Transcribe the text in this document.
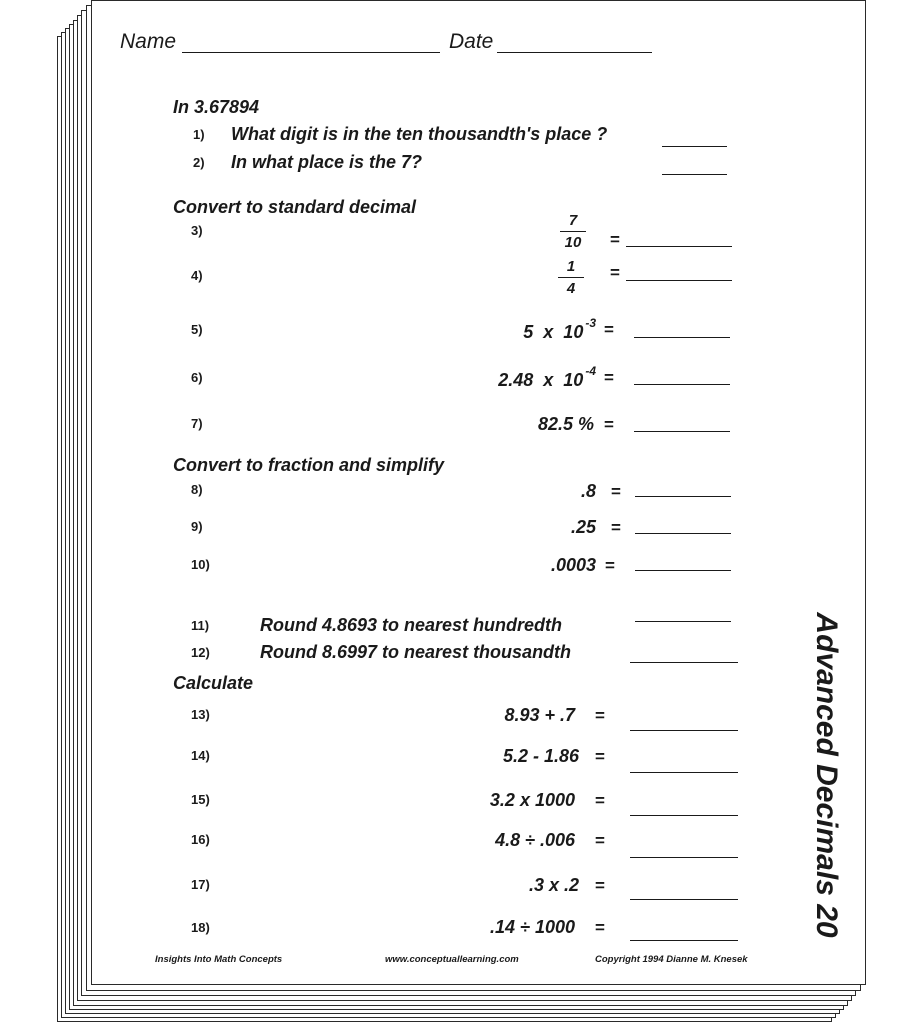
Name	Date
In 3.67894
1) What digit is in the ten thousandth's place ?
2) In what place is the 7?
Convert to standard decimal
3)	$\frac{7}{10}$ =
4)	$\frac{1}{4}$ =
5)	5  x  10 $^{-3}$ =
6)	2.48  x  10 $^{-4}$ =
7)	82.5 % =
Convert to fraction and simplify
8)	.8 =
9)	.25 =
10)	.0003 =
11)	Round 4.8693 to nearest hundredth
12)	Round 8.6997 to nearest thousandth
Calculate
13)	8.93 + .7 =
14)	5.2 - 1.86 =
15)	3.2 x 1000 =
16)	4.8 ÷ .006 =
17)	.3 x .2 =
18)	.14 ÷ 1000 =	Advanced Decimals 20
Insights Into Math Concepts	www.conceptuallearning.com	Copyright 1994 Dianne M. Knesek
